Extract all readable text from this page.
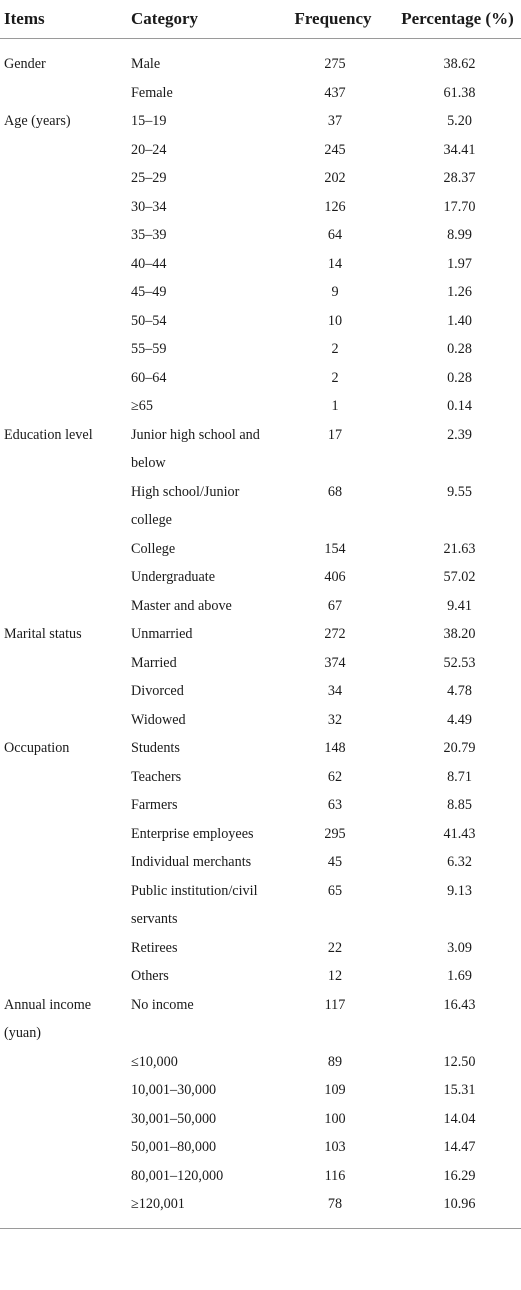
Items	Category	Frequency	Percentage (%)
Gender	Male	275	38.62
	Female	437	61.38
Age (years)	15–19	37	5.20
	20–24	245	34.41
	25–29	202	28.37
	30–34	126	17.70
	35–39	64	8.99
	40–44	14	1.97
	45–49	9	1.26
	50–54	10	1.40
	55–59	2	0.28
	60–64	2	0.28
	≥65	1	0.14
Education level	Junior high school and below	17	2.39
	High school/Junior college	68	9.55
	College	154	21.63
	Undergraduate	406	57.02
	Master and above	67	9.41
Marital status	Unmarried	272	38.20
	Married	374	52.53
	Divorced	34	4.78
	Widowed	32	4.49
Occupation	Students	148	20.79
	Teachers	62	8.71
	Farmers	63	8.85
	Enterprise employees	295	41.43
	Individual merchants	45	6.32
	Public institution/civil servants	65	9.13
	Retirees	22	3.09
	Others	12	1.69
Annual income (yuan)	No income	117	16.43
	≤10,000	89	12.50
	10,001–30,000	109	15.31
	30,001–50,000	100	14.04
	50,001–80,000	103	14.47
	80,001–120,000	116	16.29
	≥120,001	78	10.96
